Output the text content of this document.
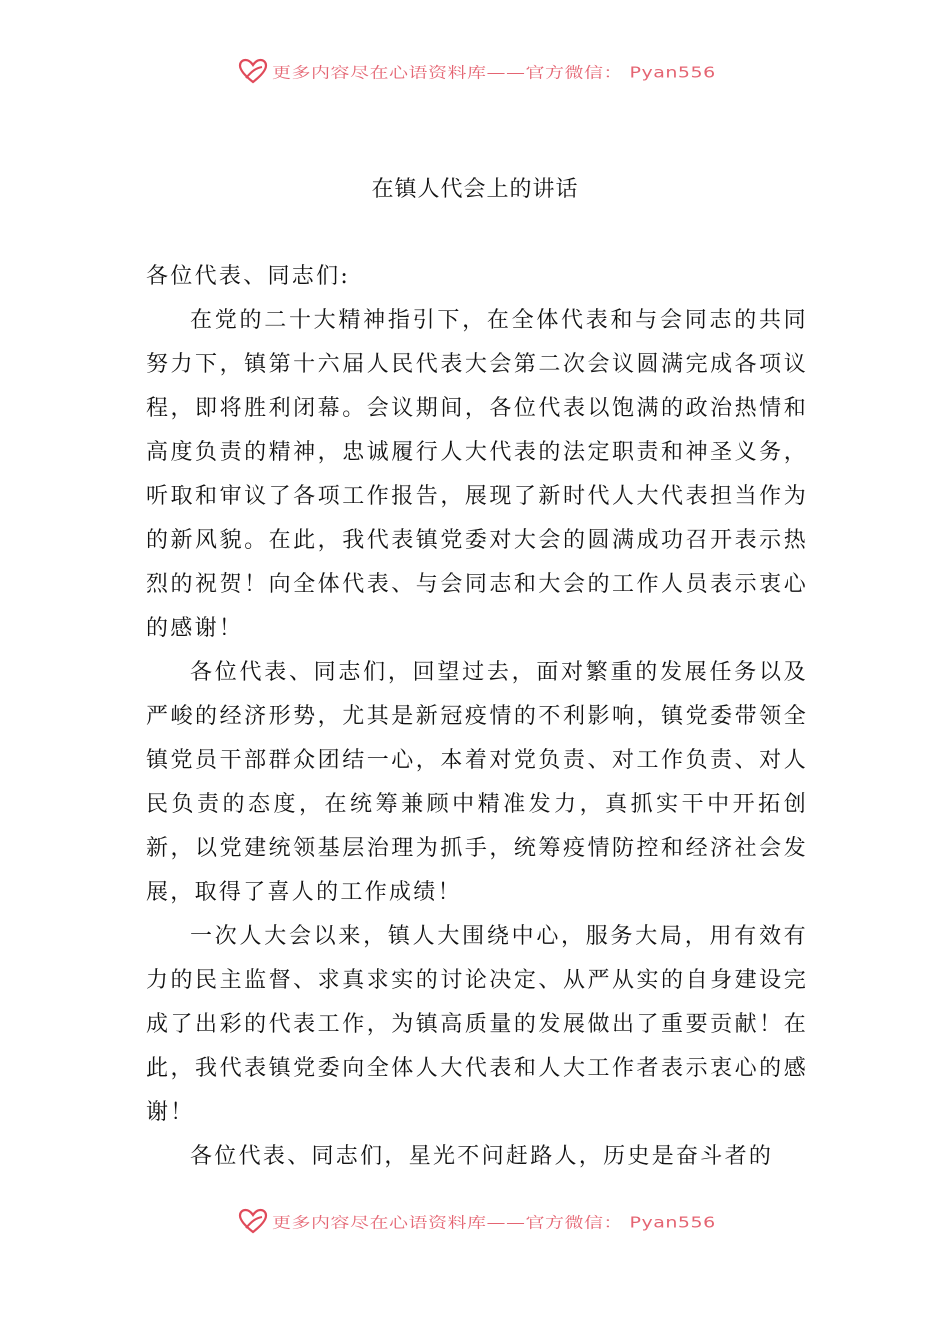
更多内容尽在心语资料库——官方微信： Pyan556
在镇人代会上的讲话

各位代表、同志们:

在党的二十大精神指引下，在全体代表和与会同志的共同努力下，镇第十六届人民代表大会第二次会议圆满完成各项议程，即将胜利闭幕。会议期间，各位代表以饱满的政治热情和高度负责的精神，忠诚履行人大代表的法定职责和神圣义务，听取和审议了各项工作报告，展现了新时代人大代表担当作为的新风貌。在此，我代表镇党委对大会的圆满成功召开表示热烈的祝贺！向全体代表、与会同志和大会的工作人员表示衷心的感谢！

各位代表、同志们，回望过去，面对繁重的发展任务以及严峻的经济形势，尤其是新冠疫情的不利影响，镇党委带领全镇党员干部群众团结一心，本着对党负责、对工作负责、对人民负责的态度，在统筹兼顾中精准发力，真抓实干中开拓创新，以党建统领基层治理为抓手，统筹疫情防控和经济社会发展，取得了喜人的工作成绩！

一次人大会以来，镇人大围绕中心，服务大局，用有效有力的民主监督、求真求实的讨论决定、从严从实的自身建设完成了出彩的代表工作，为镇高质量的发展做出了重要贡献！在此，我代表镇党委向全体人大代表和人大工作者表示衷心的感谢！

各位代表、同志们，星光不问赶路人，历史是奋斗者的

更多内容尽在心语资料库——官方微信： Pyan556
